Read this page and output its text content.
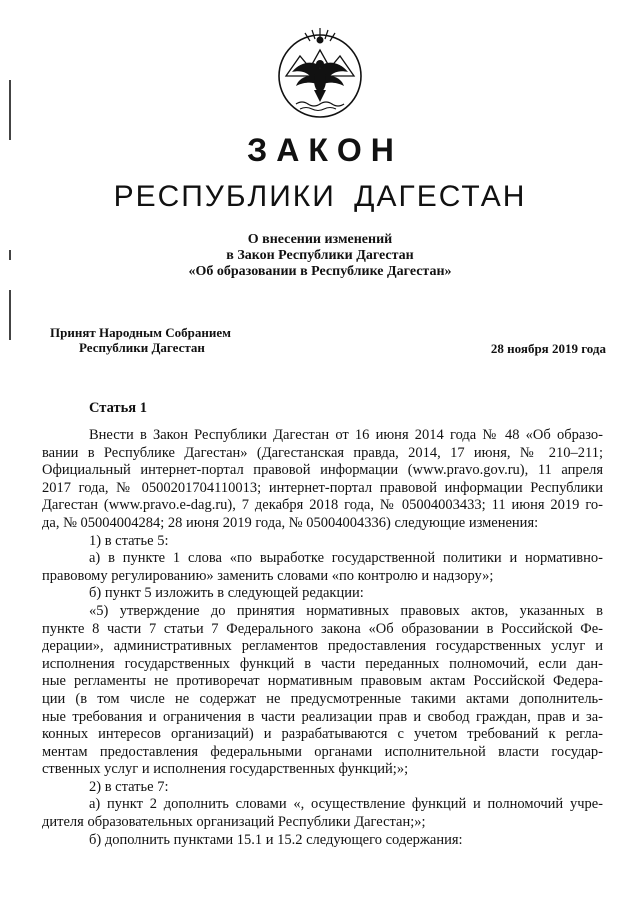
ЗАКОН
РЕСПУБЛИКИ ДАГЕСТАН
О внесении изменений
в Закон Республики Дагестан
«Об образовании в Республике Дагестан»
Принят Народным Собранием
Республики Дагестан	28 ноября 2019 года
Статья 1
Внести в Закон Республики Дагестан от 16 июня 2014 года № 48 «Об образо-
вании в Республике Дагестан» (Дагестанская правда, 2014, 17 июня, № 210–211;
Официальный интернет-портал правовой информации (www.pravo.gov.ru), 11 апреля
2017 года, № 0500201704110013; интернет-портал правовой информации Республики
Дагестан (www.pravo.e-dag.ru), 7 декабря 2018 года, № 05004003433; 11 июня 2019 го-
да, № 05004004284; 28 июня 2019 года, № 05004004336) следующие изменения:
1) в статье 5:
а) в пункте 1 слова «по выработке государственной политики и нормативно-
правовому регулированию» заменить словами «по контролю и надзору»;
б) пункт 5 изложить в следующей редакции:
«5) утверждение до принятия нормативных правовых актов, указанных в
пункте 8 части 7 статьи 7 Федерального закона «Об образовании в Российской Фе-
дерации», административных регламентов предоставления государственных услуг и
исполнения государственных функций в части переданных полномочий, если дан-
ные регламенты не противоречат нормативным правовым актам Российской Федера-
ции (в том числе не содержат не предусмотренные такими актами дополнитель-
ные требования и ограничения в части реализации прав и свобод граждан, прав и за-
конных интересов организаций) и разрабатываются с учетом требований к регла-
ментам предоставления федеральными органами исполнительной власти государ-
ственных услуг и исполнения государственных функций;»;
2) в статье 7:
а) пункт 2 дополнить словами «, осуществление функций и полномочий учре-
дителя образовательных организаций Республики Дагестан;»;
б) дополнить пунктами 15.1 и 15.2 следующего содержания:
